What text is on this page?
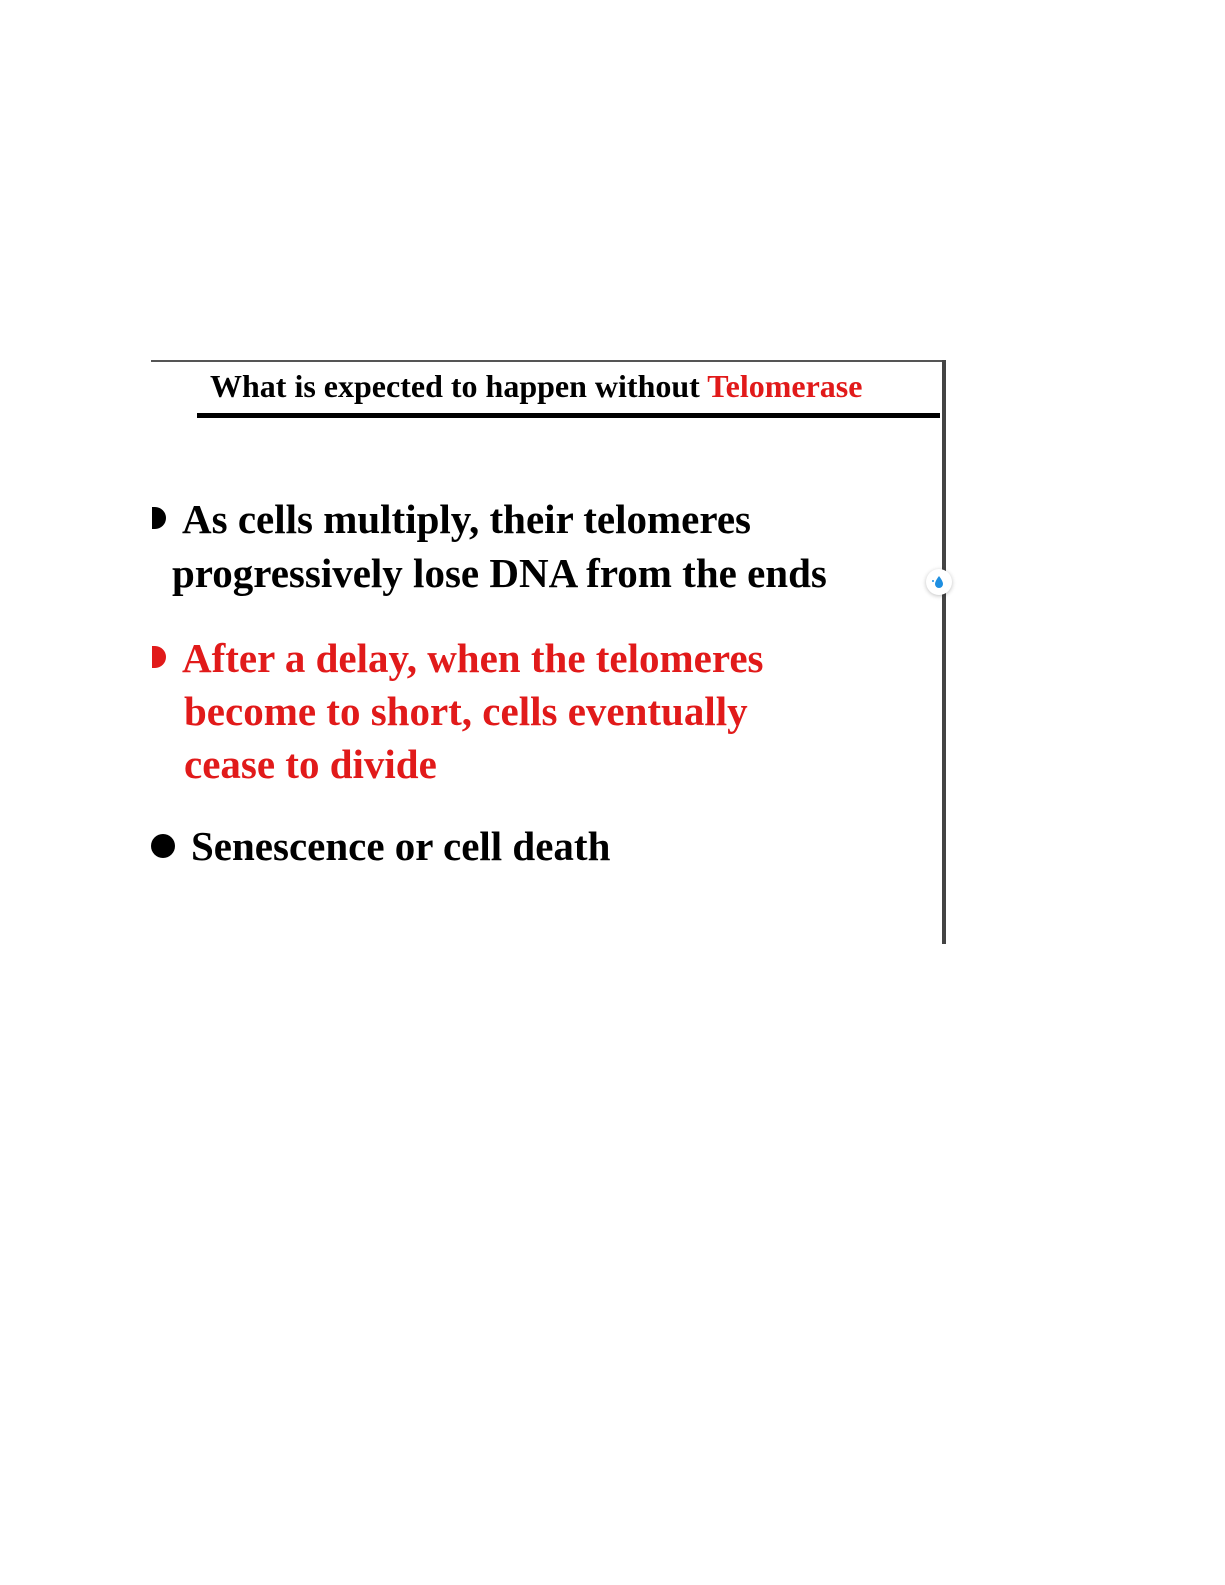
What is expected to happen without Telomerase
As cells multiply, their telomeres
progressively lose DNA from the ends
After a delay, when the telomeres
become to short, cells eventually
cease to divide
Senescence or cell death
